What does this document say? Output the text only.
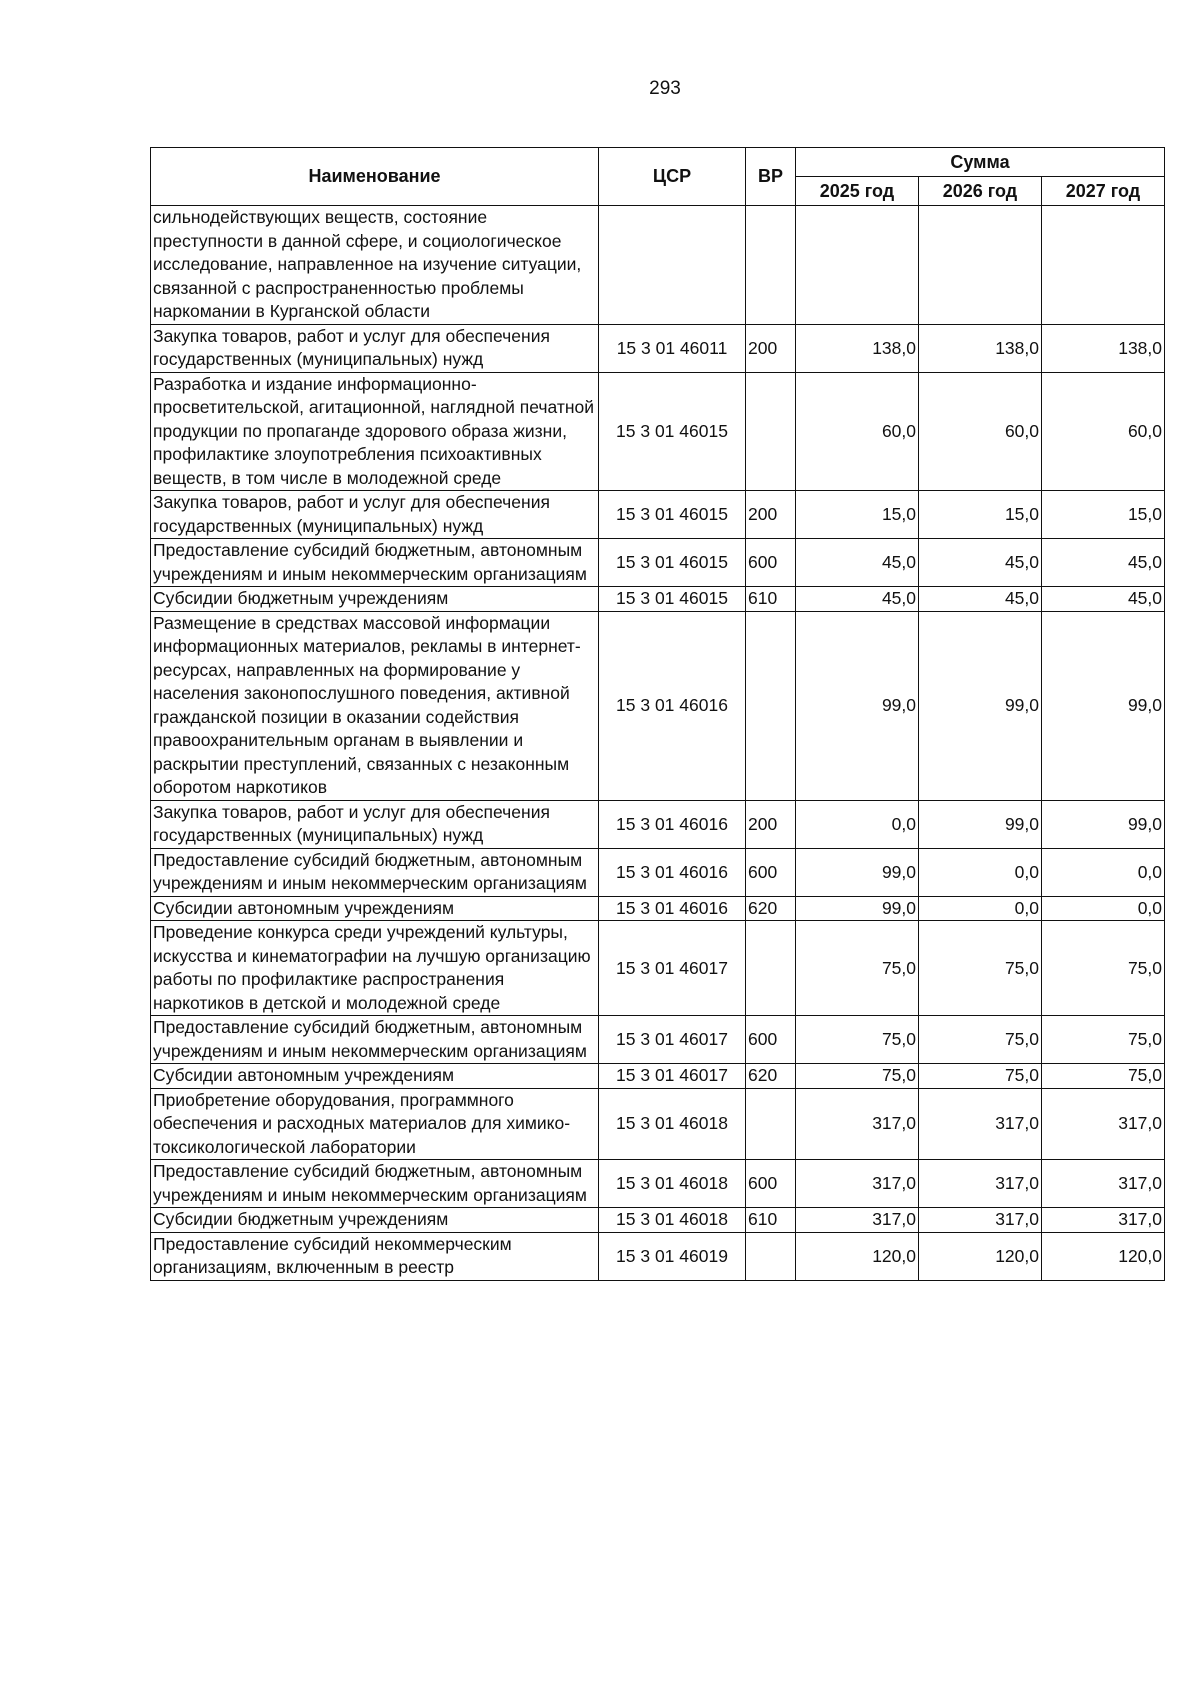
293
Наименование	ЦСР	ВР	Сумма		
			2025 год	2026 год	2027 год
сильнодействующих веществ, состояние преступности в данной сфере, и социологическое исследование, направленное на изучение ситуации, связанной с распространенностью проблемы наркомании в Курганской области					
Закупка товаров, работ и услуг для обеспечения государственных (муниципальных) нужд	15 3 01 46011	200	138,0	138,0	138,0
Разработка и издание информационно-просветительской, агитационной, наглядной печатной продукции по пропаганде здорового образа жизни, профилактике злоупотребления психоактивных веществ, в том числе в молодежной среде	15 3 01 46015		60,0	60,0	60,0
Закупка товаров, работ и услуг для обеспечения государственных (муниципальных) нужд	15 3 01 46015	200	15,0	15,0	15,0
Предоставление субсидий бюджетным, автономным учреждениям и иным некоммерческим организациям	15 3 01 46015	600	45,0	45,0	45,0
Субсидии бюджетным учреждениям	15 3 01 46015	610	45,0	45,0	45,0
Размещение в средствах массовой информации информационных материалов, рекламы в интернет-ресурсах, направленных на формирование у населения законопослушного поведения, активной гражданской позиции в оказании содействия правоохранительным органам в выявлении и раскрытии преступлений, связанных с незаконным оборотом наркотиков	15 3 01 46016		99,0	99,0	99,0
Закупка товаров, работ и услуг для обеспечения государственных (муниципальных) нужд	15 3 01 46016	200	0,0	99,0	99,0
Предоставление субсидий бюджетным, автономным учреждениям и иным некоммерческим организациям	15 3 01 46016	600	99,0	0,0	0,0
Субсидии автономным учреждениям	15 3 01 46016	620	99,0	0,0	0,0
Проведение конкурса среди учреждений культуры, искусства и кинематографии на лучшую организацию работы по профилактике распространения наркотиков в детской и молодежной среде	15 3 01 46017		75,0	75,0	75,0
Предоставление субсидий бюджетным, автономным учреждениям и иным некоммерческим организациям	15 3 01 46017	600	75,0	75,0	75,0
Субсидии автономным учреждениям	15 3 01 46017	620	75,0	75,0	75,0
Приобретение оборудования, программного обеспечения и расходных материалов для химико-токсикологической лаборатории	15 3 01 46018		317,0	317,0	317,0
Предоставление субсидий бюджетным, автономным учреждениям и иным некоммерческим организациям	15 3 01 46018	600	317,0	317,0	317,0
Субсидии бюджетным учреждениям	15 3 01 46018	610	317,0	317,0	317,0
Предоставление субсидий некоммерческим организациям, включенным в реестр	15 3 01 46019		120,0	120,0	120,0
